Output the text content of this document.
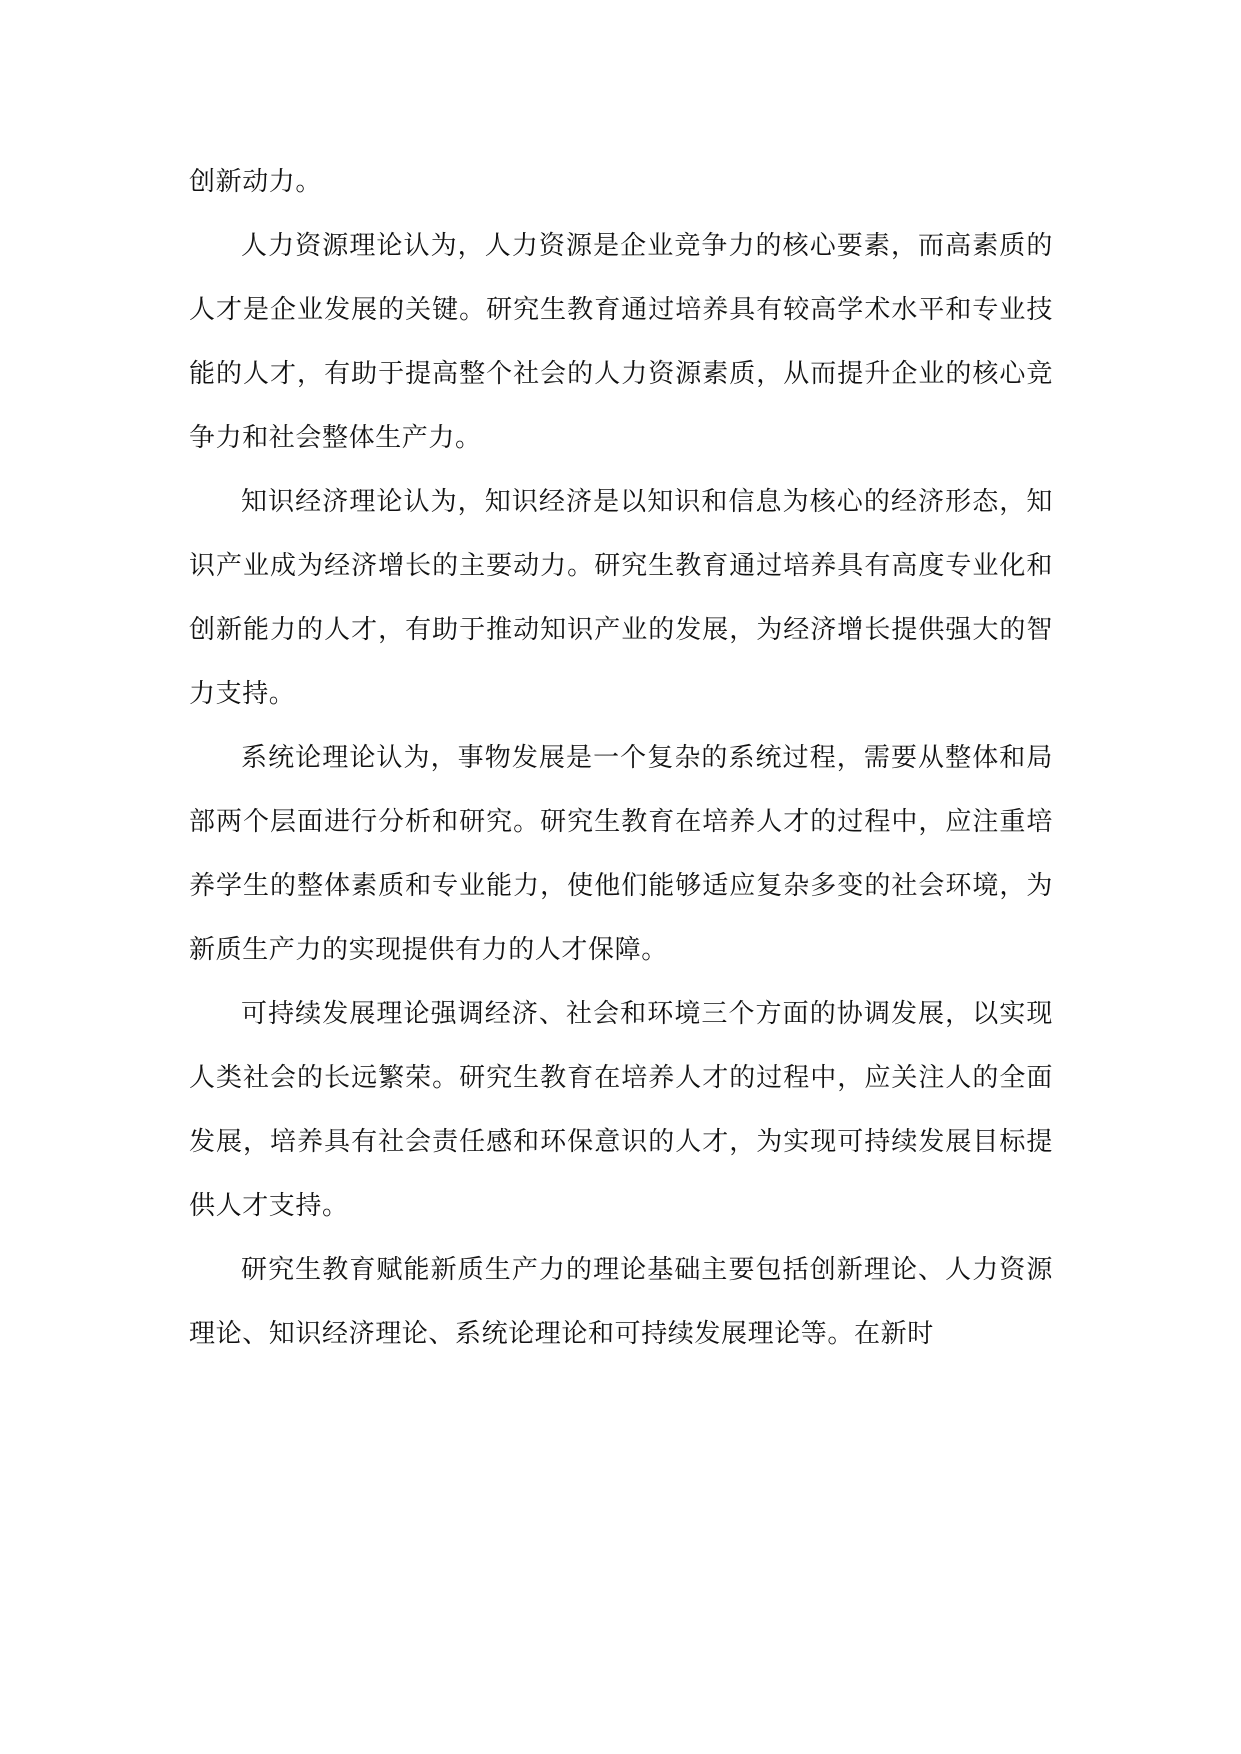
创新动力。

人力资源理论认为，人力资源是企业竞争力的核心要素，而高素质的人才是企业发展的关键。研究生教育通过培养具有较高学术水平和专业技能的人才，有助于提高整个社会的人力资源素质，从而提升企业的核心竞争力和社会整体生产力。

知识经济理论认为，知识经济是以知识和信息为核心的经济形态，知识产业成为经济增长的主要动力。研究生教育通过培养具有高度专业化和创新能力的人才，有助于推动知识产业的发展，为经济增长提供强大的智力支持。

系统论理论认为，事物发展是一个复杂的系统过程，需要从整体和局部两个层面进行分析和研究。研究生教育在培养人才的过程中，应注重培养学生的整体素质和专业能力，使他们能够适应复杂多变的社会环境，为新质生产力的实现提供有力的人才保障。

可持续发展理论强调经济、社会和环境三个方面的协调发展，以实现人类社会的长远繁荣。研究生教育在培养人才的过程中，应关注人的全面发展，培养具有社会责任感和环保意识的人才，为实现可持续发展目标提供人才支持。

研究生教育赋能新质生产力的理论基础主要包括创新理论、人力资源理论、知识经济理论、系统论理论和可持续发展理论等。在新时
